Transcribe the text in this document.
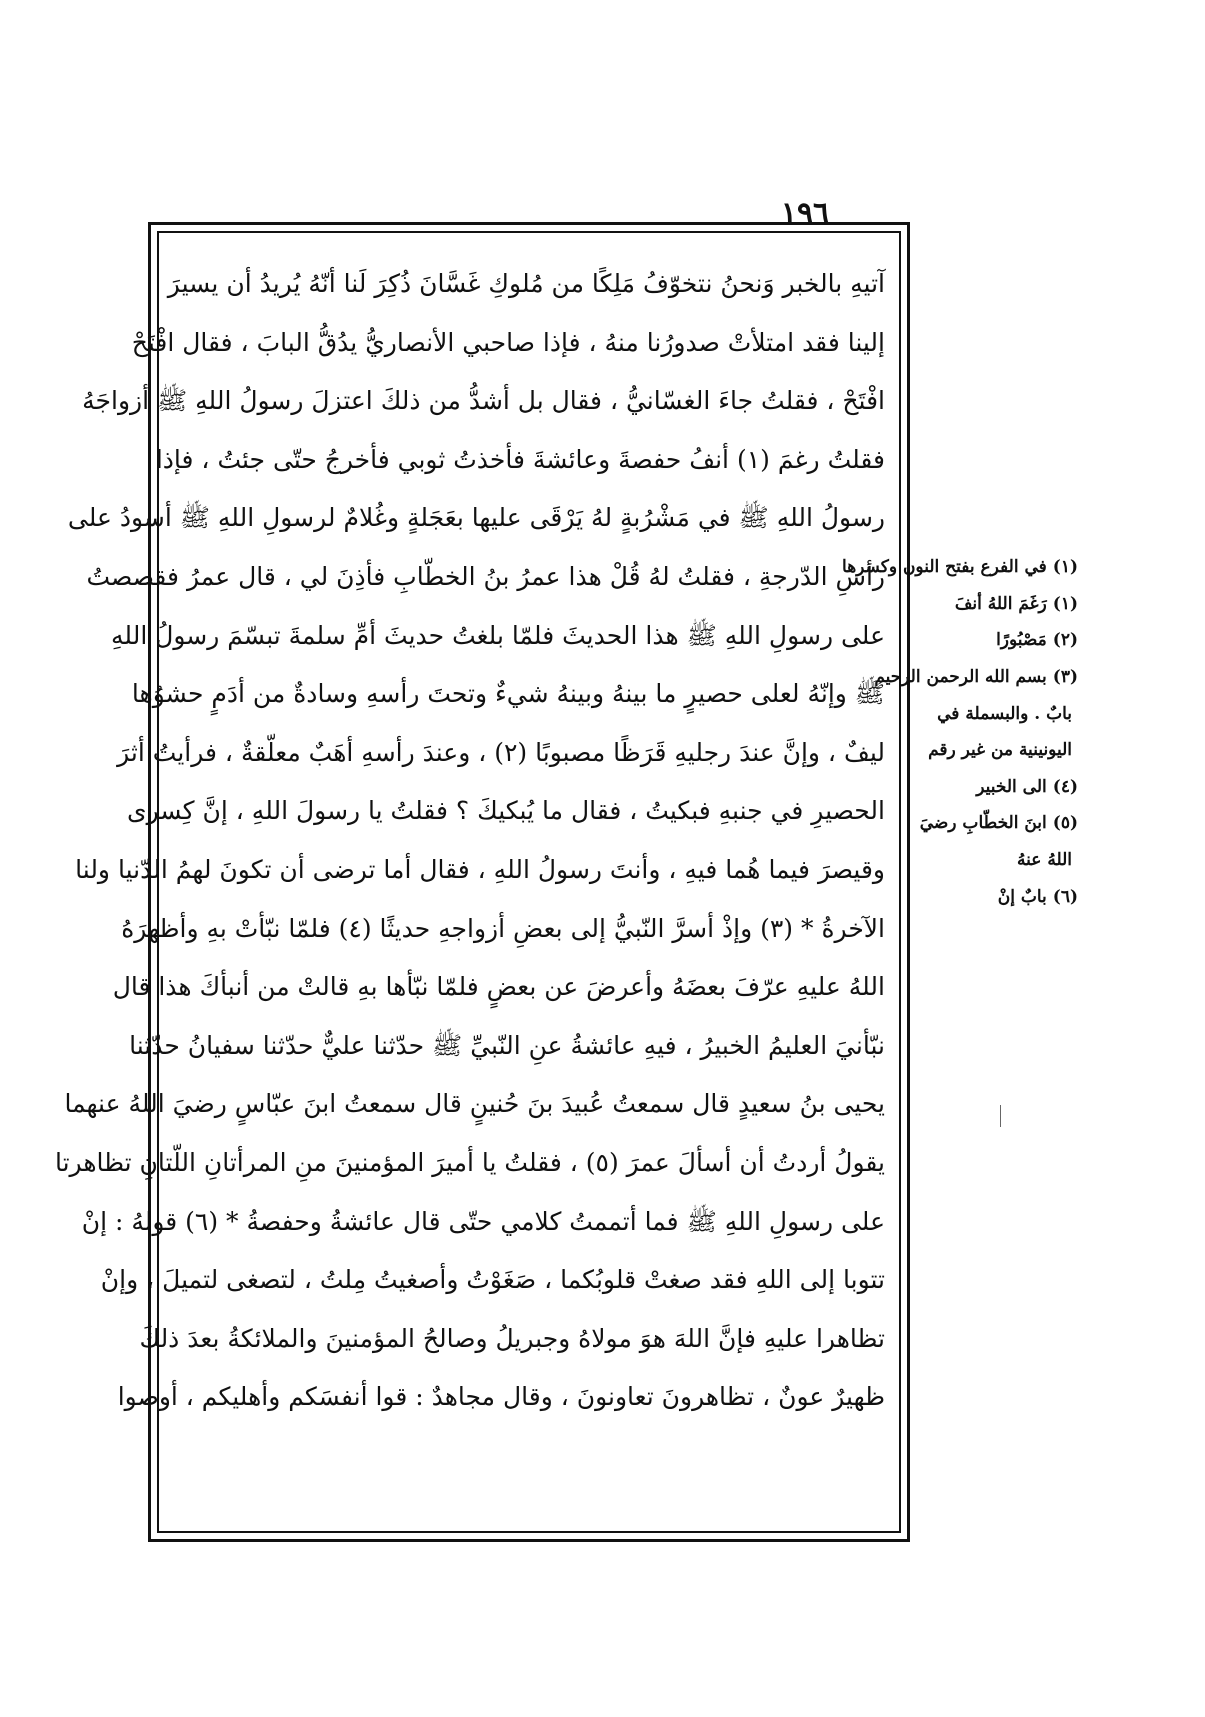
١٩٦
آتيهِ بالخبر وَنحنُ نتخوّفُ مَلِكًا من مُلوكِ غَسَّانَ ذُكِرَ لَنا أنّهُ يُريدُ أن يسيرَ
إلينا فقد امتلأتْ صدورُنا منهُ ، فإذا صاحبي الأنصاريُّ يدُقُّ البابَ ، فقال افْتَحْ
افْتَحْ ، فقلتُ جاءَ الغسّانيُّ ، فقال بل أشدُّ من ذلكَ اعتزلَ رسولُ اللهِ ﷺ أزواجَهُ
فقلتُ رغمَ (١) أنفُ حفصةَ وعائشةَ فأخذتُ ثوبي فأخرجُ حتّى جئتُ ، فإذا
رسولُ اللهِ ﷺ في مَشْرُبةٍ لهُ يَرْقَى عليها بعَجَلةٍ وغُلامٌ لرسولِ اللهِ ﷺ أسودُ على
رأسِ الدّرجةِ ، فقلتُ لهُ قُلْ هذا عمرُ بنُ الخطّابِ فأذِنَ لي ، قال عمرُ فقصصتُ
على رسولِ اللهِ ﷺ هذا الحديثَ فلمّا بلغتُ حديثَ أمِّ سلمةَ تبسّمَ رسولُ اللهِ
ﷺ وإنّهُ لعلى حصيرٍ ما بينهُ وبينهُ شيءٌ وتحتَ رأسهِ وسادةٌ من أدَمٍ حشوُها
ليفٌ ، وإنَّ عندَ رجليهِ قَرَظًا مصبوبًا (٢) ، وعندَ رأسهِ أهَبٌ معلّقةٌ ، فرأيتُ أثرَ
الحصيرِ في جنبهِ فبكيتُ ، فقال ما يُبكيكَ ؟ فقلتُ يا رسولَ اللهِ ، إنَّ كِسرى
وقيصرَ فيما هُما فيهِ ، وأنتَ رسولُ اللهِ ، فقال أما ترضى أن تكونَ لهمُ الدّنيا ولنا
الآخرةُ * (٣) وإذْ أسرَّ النّبيُّ إلى بعضِ أزواجهِ حديثًا (٤) فلمّا نبّأتْ بهِ وأظهرَهُ
اللهُ عليهِ عرّفَ بعضَهُ وأعرضَ عن بعضٍ فلمّا نبّأها بهِ قالتْ من أنبأكَ هذا قال
نبّأنيَ العليمُ الخبيرُ ، فيهِ عائشةُ عنِ النّبيِّ ﷺ حدّثنا عليٌّ حدّثنا سفيانُ حدّثنا
يحيى بنُ سعيدٍ قال سمعتُ عُبيدَ بنَ حُنينٍ قال سمعتُ ابنَ عبّاسٍ رضيَ اللهُ عنهما
يقولُ أردتُ أن أسألَ عمرَ (٥) ، فقلتُ يا أميرَ المؤمنينَ منِ المرأتانِ اللّتانِ تظاهرتا
على رسولِ اللهِ ﷺ فما أتممتُ كلامي حتّى قال عائشةُ وحفصةُ * (٦) قولهُ : إنْ
تتوبا إلى اللهِ فقد صغتْ قلوبُكما ، صَغَوْتُ وأصغيتُ مِلتُ ، لتصغى لتميلَ ، وإنْ
تظاهرا عليهِ فإنَّ اللهَ هوَ مولاهُ وجبريلُ وصالحُ المؤمنينَ والملائكةُ بعدَ ذلكَ
ظهيرٌ عونٌ ، تظاهرونَ تعاونونَ ، وقال مجاهدٌ : قوا أنفسَكم وأهليكم ، أوصوا
(١)في الفرع بفتح النون وكسرها
(١)رَغَمَ اللهُ أنفَ
(٢)مَصْبُورًا
(٣)بسم الله الرحمن الرحيم
بابٌ . والبسملة في
اليونينية من غير رقم
(٤)الى الخبير
(٥)ابنَ الخطّابِ رضيَ
اللهُ عنهُ
(٦)بابٌ إنْ
